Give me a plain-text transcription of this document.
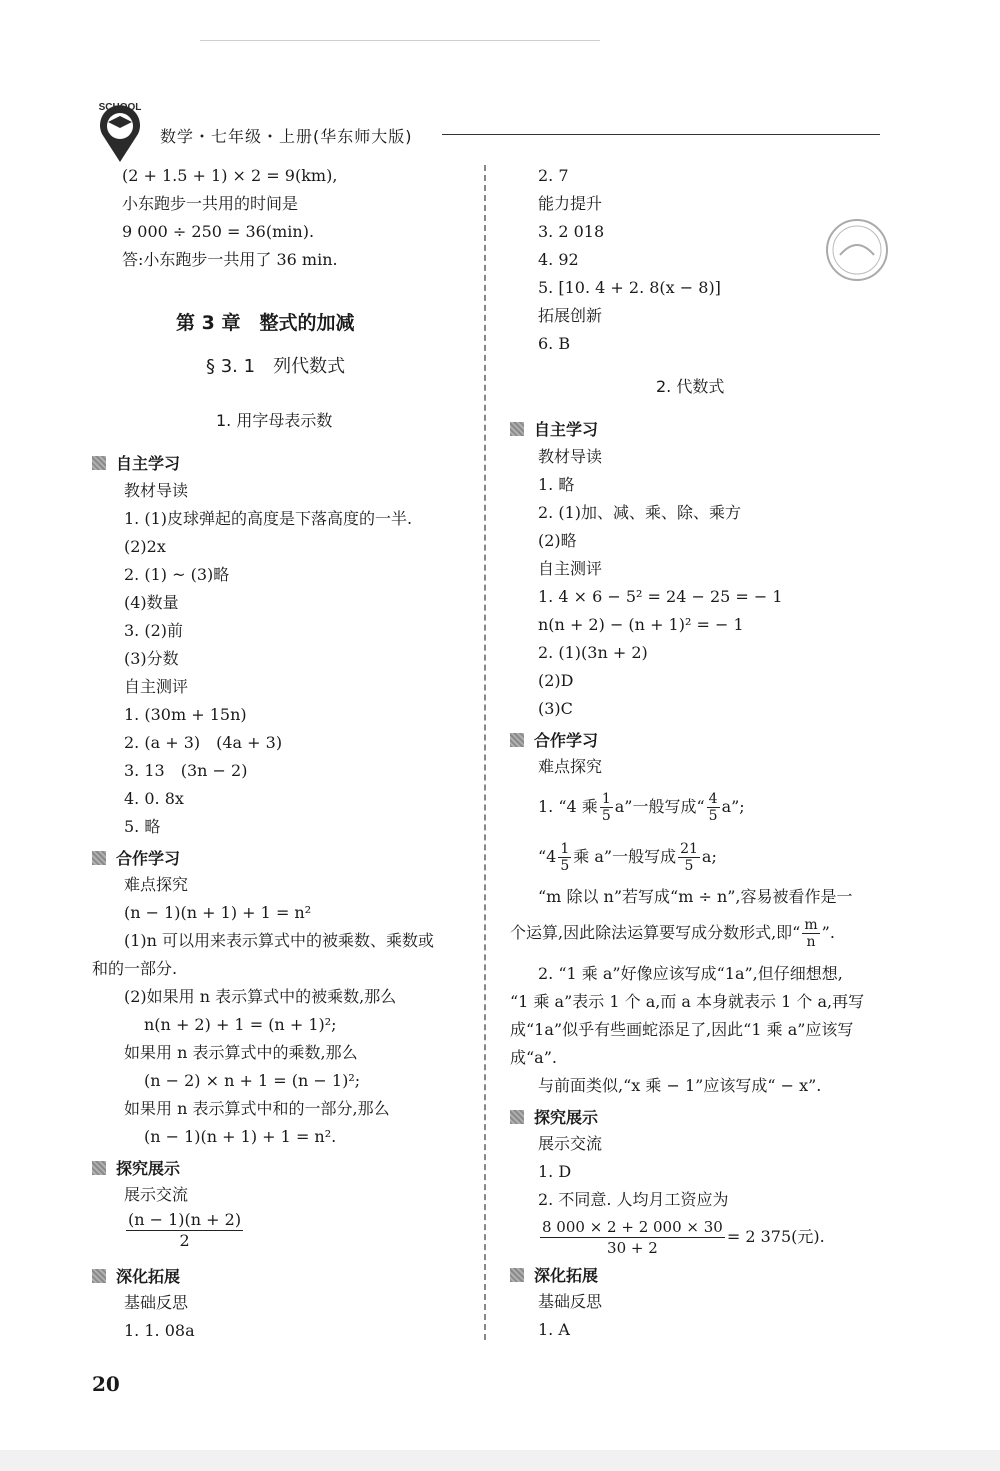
SCHOOL
数学・七年级・上册(华东师大版)
(2 + 1.5 + 1) × 2 = 9(km),
小东跑步一共用的时间是
9 000 ÷ 250 = 36(min).
答:小东跑步一共用了 36 min.
第 3 章　整式的加减
§ 3. 1　列代数式
1. 用字母表示数
自主学习
教材导读
1. (1)皮球弹起的高度是下落高度的一半.
(2)2x
2. (1) ~ (3)略
(4)数量
3. (2)前
(3)分数
自主测评
1. (30m + 15n)
2. (a + 3)　(4a + 3)
3. 13　(3n − 2)
4. 0. 8x
5. 略
合作学习
难点探究
(n − 1)(n + 1) + 1 = n²
(1)n 可以用来表示算式中的被乘数、乘数或
和的一部分.
(2)如果用 n 表示算式中的被乘数,那么
n(n + 2) + 1 = (n + 1)²;
如果用 n 表示算式中的乘数,那么
(n − 2) × n + 1 = (n − 1)²;
如果用 n 表示算式中和的一部分,那么
(n − 1)(n + 1) + 1 = n².
探究展示
展示交流
$\frac{(n - 1)(n + 2)}{2}$
深化拓展
基础反思
1. 1. 08a
2. 7
能力提升
3. 2 018
4. 92
5. [10. 4 + 2. 8(x − 8)]
拓展创新
6. B
2. 代数式
自主学习
教材导读
1. 略
2. (1)加、减、乘、除、乘方
(2)略
自主测评
1. 4 × 6 − 5² = 24 − 25 = − 1
n(n + 2) − (n + 1)² = − 1
2. (1)(3n + 2)
(2)D
(3)C
合作学习
难点探究
1. “4 乘 $\frac{1}{5} a$”一般写成“ $\frac{4}{5} a$”;
“$4 \frac{1}{5}$ 乘 a”一般写成 $\frac{21}{5} a$;
“m 除以 n”若写成“m ÷ n”,容易被看作是一
个运算,因此除法运算要写成分数形式,即“ $\frac{m}{n}$ ”.
2. “1 乘 a”好像应该写成“1a”,但仔细想想,
“1 乘 a”表示 1 个 a,而 a 本身就表示 1 个 a,再写
成“1a”似乎有些画蛇添足了,因此“1 乘 a”应该写
成“a”.
与前面类似,“x 乘 − 1”应该写成“ − x”.
探究展示
展示交流
1. D
2. 不同意. 人均月工资应为
$\frac{8 000 \times 2 + 2 000 \times 30}{30 + 2} = 2$ 375(元).
深化拓展
基础反思
1. A
20
